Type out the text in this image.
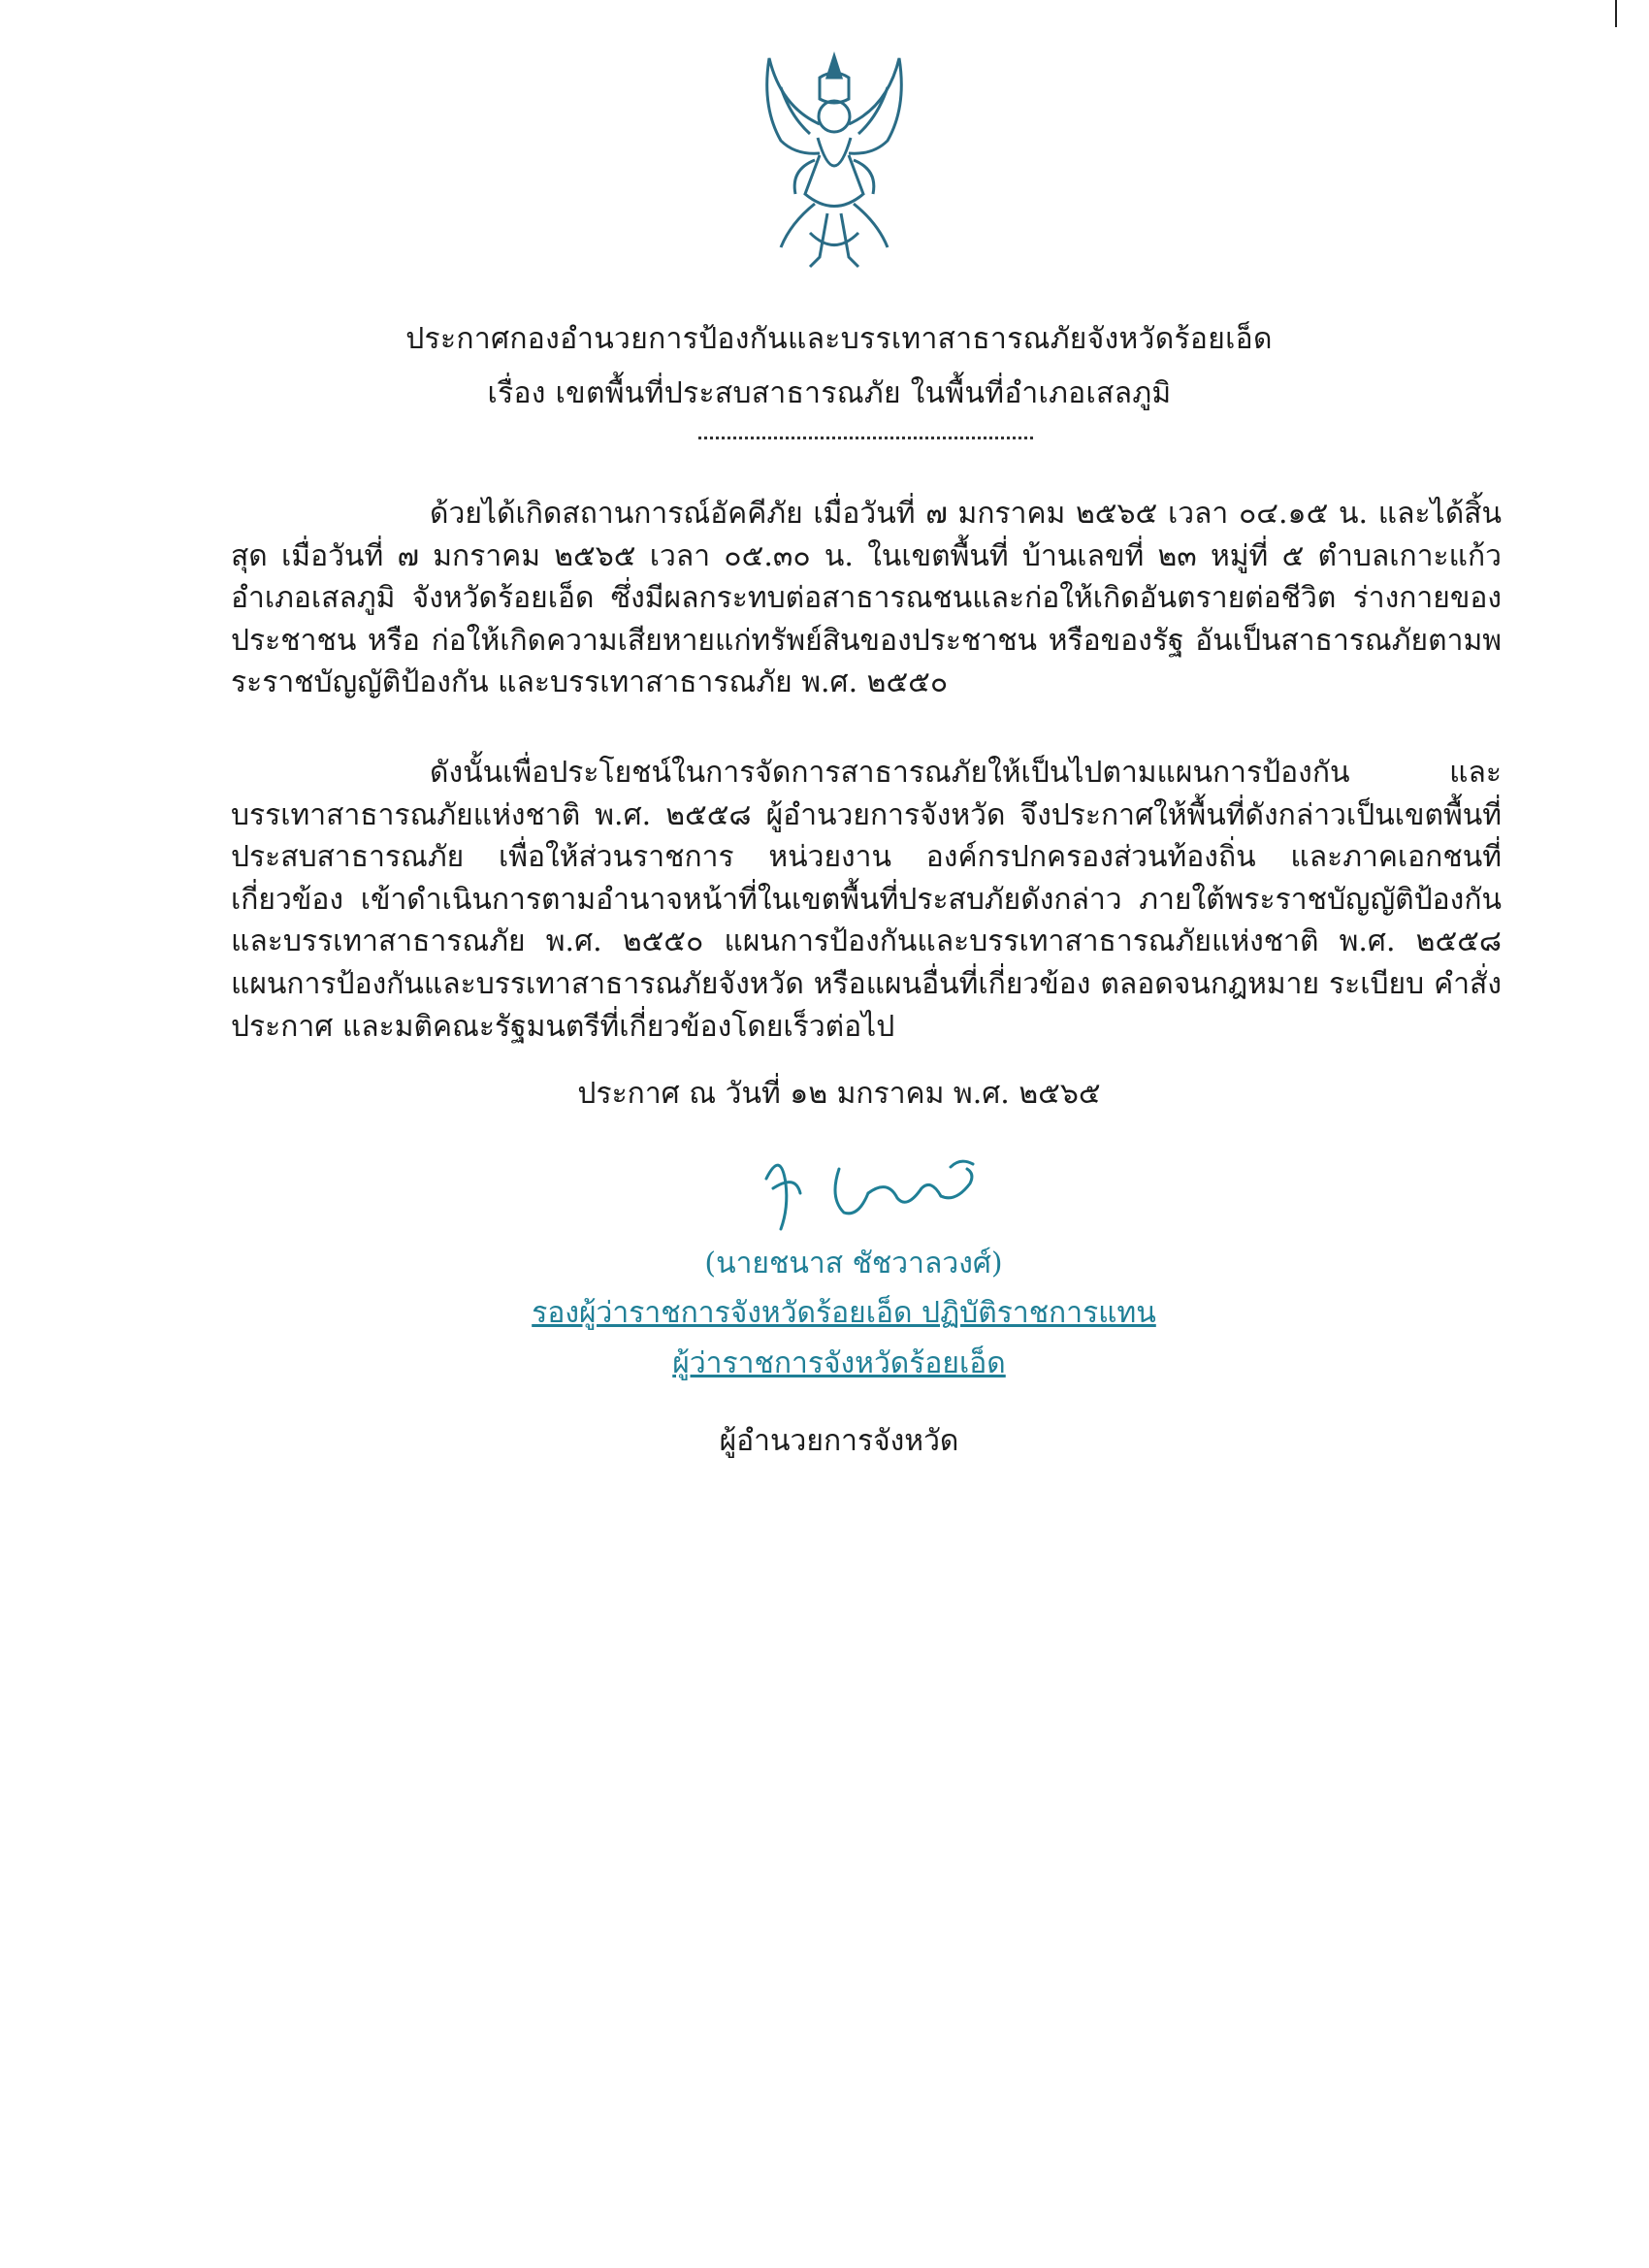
ประกาศกองอำนวยการป้องกันและบรรเทาสาธารณภัยจังหวัดร้อยเอ็ด
เรื่อง เขตพื้นที่ประสบสาธารณภัย ในพื้นที่อำเภอเสลภูมิ

ด้วยได้เกิดสถานการณ์อัคคีภัย เมื่อวันที่ ๗ มกราคม ๒๕๖๕ เวลา ๐๔.๑๕ น. และได้สิ้นสุด เมื่อวันที่ ๗ มกราคม ๒๕๖๕ เวลา ๐๕.๓๐ น. ในเขตพื้นที่ บ้านเลขที่ ๒๓ หมู่ที่ ๕ ตำบลเกาะแก้ว อำเภอเสลภูมิ จังหวัดร้อยเอ็ด ซึ่งมีผลกระทบต่อสาธารณชนและก่อให้เกิดอันตรายต่อชีวิต ร่างกายของประชาชน หรือ ก่อให้เกิดความเสียหายแก่ทรัพย์สินของประชาชน หรือของรัฐ อันเป็นสาธารณภัยตามพระราชบัญญัติป้องกัน และบรรเทาสาธารณภัย พ.ศ. ๒๕๕๐

ดังนั้นเพื่อประโยชน์ในการจัดการสาธารณภัยให้เป็นไปตามแผนการป้องกัน และบรรเทาสาธารณภัยแห่งชาติ พ.ศ. ๒๕๕๘ ผู้อำนวยการจังหวัด จึงประกาศให้พื้นที่ดังกล่าวเป็นเขตพื้นที่ ประสบสาธารณภัย เพื่อให้ส่วนราชการ หน่วยงาน องค์กรปกครองส่วนท้องถิ่น และภาคเอกชนที่เกี่ยวข้อง เข้าดำเนินการตามอำนาจหน้าที่ในเขตพื้นที่ประสบภัยดังกล่าว ภายใต้พระราชบัญญัติป้องกันและบรรเทาสาธารณภัย พ.ศ. ๒๕๕๐ แผนการป้องกันและบรรเทาสาธารณภัยแห่งชาติ พ.ศ. ๒๕๕๘ แผนการป้องกันและบรรเทาสาธารณภัยจังหวัด หรือแผนอื่นที่เกี่ยวข้อง ตลอดจนกฎหมาย ระเบียบ คำสั่ง ประกาศ และมติคณะรัฐมนตรีที่เกี่ยวข้องโดยเร็วต่อไป

ประกาศ ณ วันที่ ๑๒ มกราคม พ.ศ. ๒๕๖๕
(นายชนาส ชัชวาลวงศ์)
รองผู้ว่าราชการจังหวัดร้อยเอ็ด ปฏิบัติราชการแทน
ผู้ว่าราชการจังหวัดร้อยเอ็ด
ผู้อำนวยการจังหวัด
